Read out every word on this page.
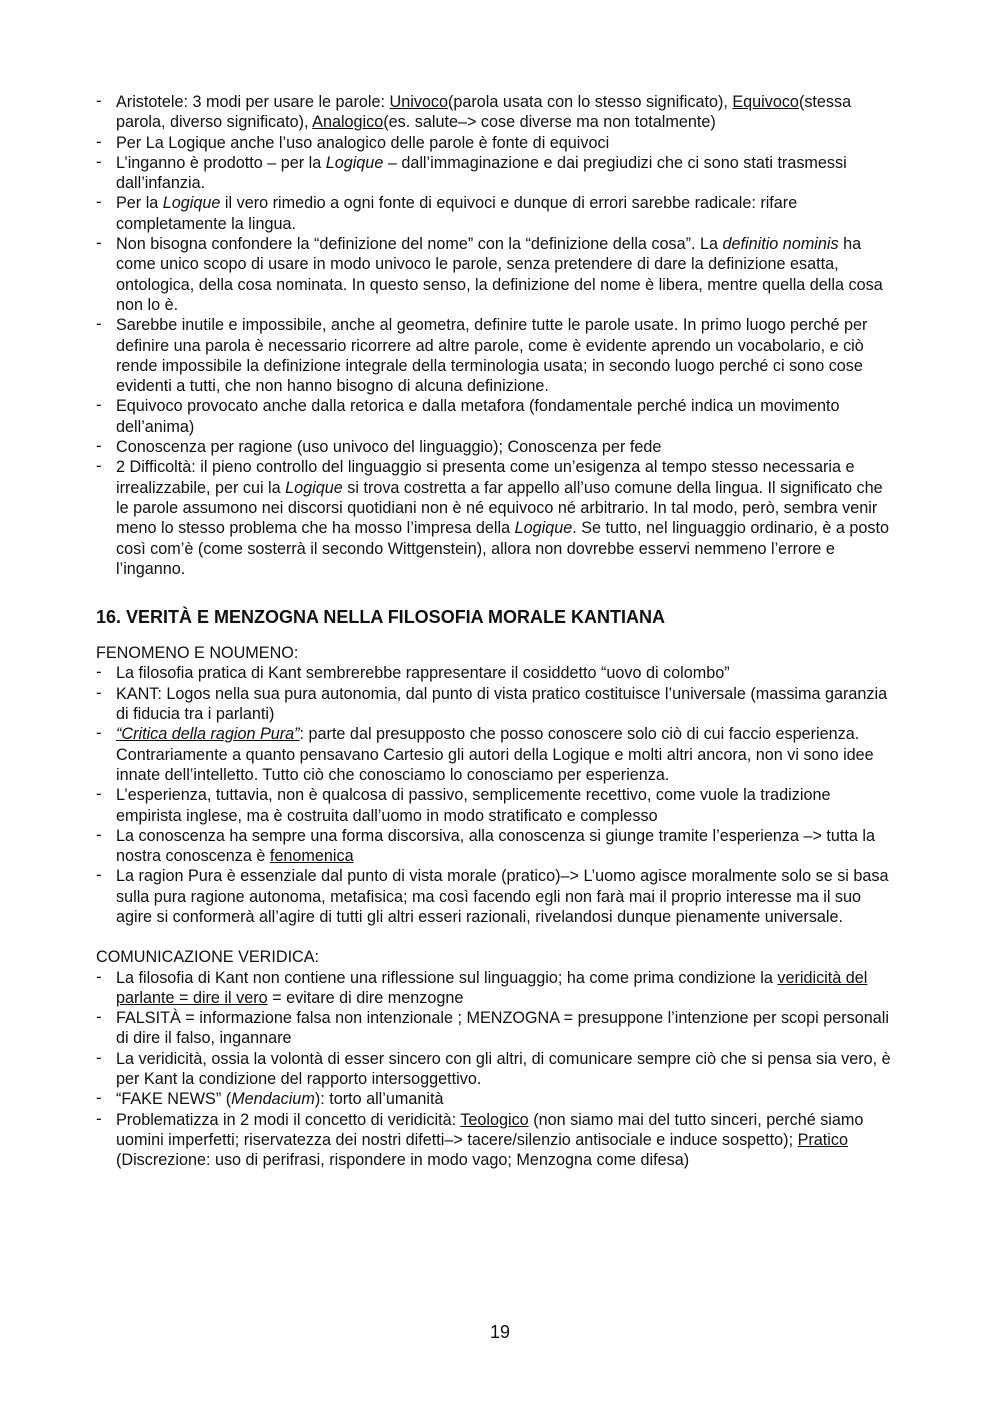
- Aristotele: 3 modi per usare le parole: Univoco(parola usata con lo stesso significato), Equivoco(stessa parola, diverso significato), Analogico(es. salute–> cose diverse ma non totalmente)
- Per La Logique anche l’uso analogico delle parole è fonte di equivoci
- L’inganno è prodotto – per la Logique – dall’immaginazione e dai pregiudizi che ci sono stati trasmessi dall’infanzia.
- Per la Logique il vero rimedio a ogni fonte di equivoci e dunque di errori sarebbe radicale: rifare completamente la lingua.
- Non bisogna confondere la “definizione del nome” con la “definizione della cosa”. La definitio nominis ha come unico scopo di usare in modo univoco le parole, senza pretendere di dare la definizione esatta, ontologica, della cosa nominata. In questo senso, la definizione del nome è libera, mentre quella della cosa non lo è.
- Sarebbe inutile e impossibile, anche al geometra, definire tutte le parole usate. In primo luogo perché per definire una parola è necessario ricorrere ad altre parole, come è evidente aprendo un vocabolario, e ciò rende impossibile la definizione integrale della terminologia usata; in secondo luogo perché ci sono cose evidenti a tutti, che non hanno bisogno di alcuna definizione.
- Equivoco provocato anche dalla retorica e dalla metafora (fondamentale perché indica un movimento dell’anima)
- Conoscenza per ragione (uso univoco del linguaggio); Conoscenza per fede
- 2 Difficoltà: il pieno controllo del linguaggio si presenta come un’esigenza al tempo stesso necessaria e irrealizzabile, per cui la Logique si trova costretta a far appello all’uso comune della lingua. Il significato che le parole assumono nei discorsi quotidiani non è né equivoco né arbitrario. In tal modo, però, sembra venir meno lo stesso problema che ha mosso l’impresa della Logique. Se tutto, nel linguaggio ordinario, è a posto così com’è (come sosterrà il secondo Wittgenstein), allora non dovrebbe esservi nemmeno l’errore e l’inganno.
16. VERITÀ E MENZOGNA NELLA FILOSOFIA MORALE KANTIANA

FENOMENO E NOUMENO:

- La filosofia pratica di Kant sembrerebbe rappresentare il cosiddetto “uovo di colombo”
- KANT: Logos nella sua pura autonomia, dal punto di vista pratico costituisce l’universale (massima garanzia di fiducia tra i parlanti)
- “Critica della ragion Pura”: parte dal presupposto che posso conoscere solo ciò di cui faccio esperienza. Contrariamente a quanto pensavano Cartesio gli autori della Logique e molti altri ancora, non vi sono idee innate dell’intelletto. Tutto ciò che conosciamo lo conosciamo per esperienza.
- L’esperienza, tuttavia, non è qualcosa di passivo, semplicemente recettivo, come vuole la tradizione empirista inglese, ma è costruita dall’uomo in modo stratificato e complesso
- La conoscenza ha sempre una forma discorsiva, alla conoscenza si giunge tramite l’esperienza –> tutta la nostra conoscenza è fenomenica
- La ragion Pura è essenziale dal punto di vista morale (pratico)–> L’uomo agisce moralmente solo se si basa sulla pura ragione autonoma, metafisica; ma così facendo egli non farà mai il proprio interesse ma il suo agire si conformerà all’agire di tutti gli altri esseri razionali, rivelandosi dunque pienamente universale.

COMUNICAZIONE VERIDICA:

- La filosofia di Kant non contiene una riflessione sul linguaggio; ha come prima condizione la veridicità del parlante = dire il vero = evitare di dire menzogne
- FALSITÀ = informazione falsa non intenzionale ; MENZOGNA = presuppone l’intenzione per scopi personali di dire il falso, ingannare
- La veridicità, ossia la volontà di esser sincero con gli altri, di comunicare sempre ciò che si pensa sia vero, è per Kant la condizione del rapporto intersoggettivo.
- “FAKE NEWS” (Mendacium): torto all’umanità
- Problematizza in 2 modi il concetto di veridicità: Teologico (non siamo mai del tutto sinceri, perché siamo uomini imperfetti; riservatezza dei nostri difetti–> tacere/silenzio antisociale e induce sospetto); Pratico (Discrezione: uso di perifrasi, rispondere in modo vago; Menzogna come difesa)
19
